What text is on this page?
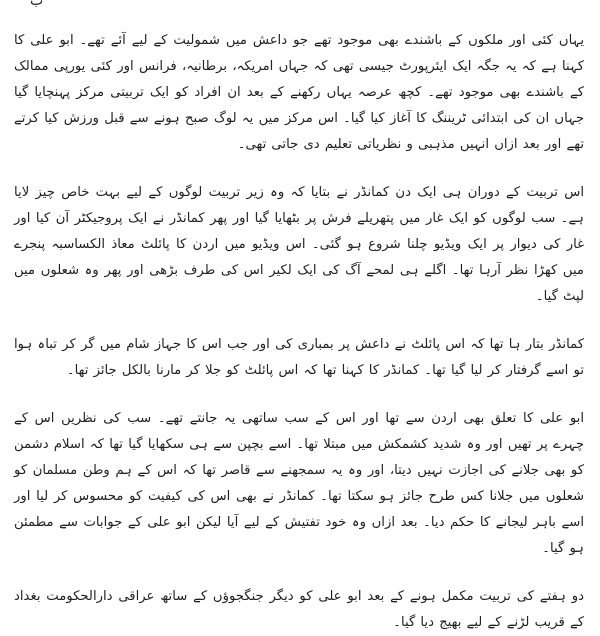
ب

یہاں کئی اور ملکوں کے باشندے بھی موجود تھے جو داعش میں شمولیت کے لیے آئے تھے۔ ابو علی کا کہنا ہے کہ یہ جگہ ایک ایئرپورٹ جیسی تھی کہ جہاں امریکہ، برطانیہ، فرانس اور کئی یورپی ممالک کے باشندے بھی موجود تھے۔ کچھ عرصہ یہاں رکھنے کے بعد ان افراد کو ایک تربیتی مرکز پہنچایا گیا جہاں ان کی ابتدائی ٹریننگ کا آغاز کیا گیا۔ اس مرکز میں یہ لوگ صبح ہونے سے قبل ورزش کیا کرتے تھے اور بعد ازاں انہیں مذہبی و نظریاتی تعلیم دی جاتی تھی۔

اس تربیت کے دوران ہی ایک دن کمانڈر نے بتایا کہ وہ زیر تربیت لوگوں کے لیے بہت خاص چیز لایا ہے۔ سب لوگوں کو ایک غار میں پتھریلے فرش پر بٹھایا گیا اور پھر کمانڈر نے ایک پروجیکٹر آن کیا اور غار کی دیوار پر ایک ویڈیو چلنا شروع ہو گئی۔ اس ویڈیو میں اردن کا پائلٹ معاذ الکساسبہ پنجرے میں کھڑا نظر آرہا تھا۔ اگلے ہی لمحے آگ کی ایک لکیر اس کی طرف بڑھی اور پھر وہ شعلوں میں لپٹ گیا۔

کمانڈر بتار ہا تھا کہ اس پائلٹ نے داعش پر بمباری کی اور جب اس کا جہاز شام میں گر کر تباہ ہوا تو اسے گرفتار کر لیا گیا تھا۔ کمانڈر کا کہنا تھا کہ اس پائلٹ کو جلا کر مارنا بالکل جائز تھا۔

ابو علی کا تعلق بھی اردن سے تھا اور اس کے سب ساتھی یہ جانتے تھے۔ سب کی نظریں اس کے چہرے پر تھیں اور وہ شدید کشمکش میں مبتلا تھا۔ اسے بچپن سے ہی سکھایا گیا تھا کہ اسلام دشمن کو بھی جلانے کی اجازت نہیں دیتا، اور وہ یہ سمجھنے سے قاصر تھا کہ اس کے ہم وطن مسلمان کو شعلوں میں جلانا کس طرح جائز ہو سکتا تھا۔ کمانڈر نے بھی اس کی کیفیت کو محسوس کر لیا اور اسے باہر لیجانے کا حکم دیا۔ بعد ازاں وہ خود تفتیش کے لیے آیا لیکن ابو علی کے جوابات سے مطمئن ہو گیا۔

دو ہفتے کی تربیت مکمل ہونے کے بعد ابو علی کو دیگر جنگجوؤں کے ساتھ عراقی دارالحکومت بغداد کے قریب لڑنے کے لیے بھیج دیا گیا۔
